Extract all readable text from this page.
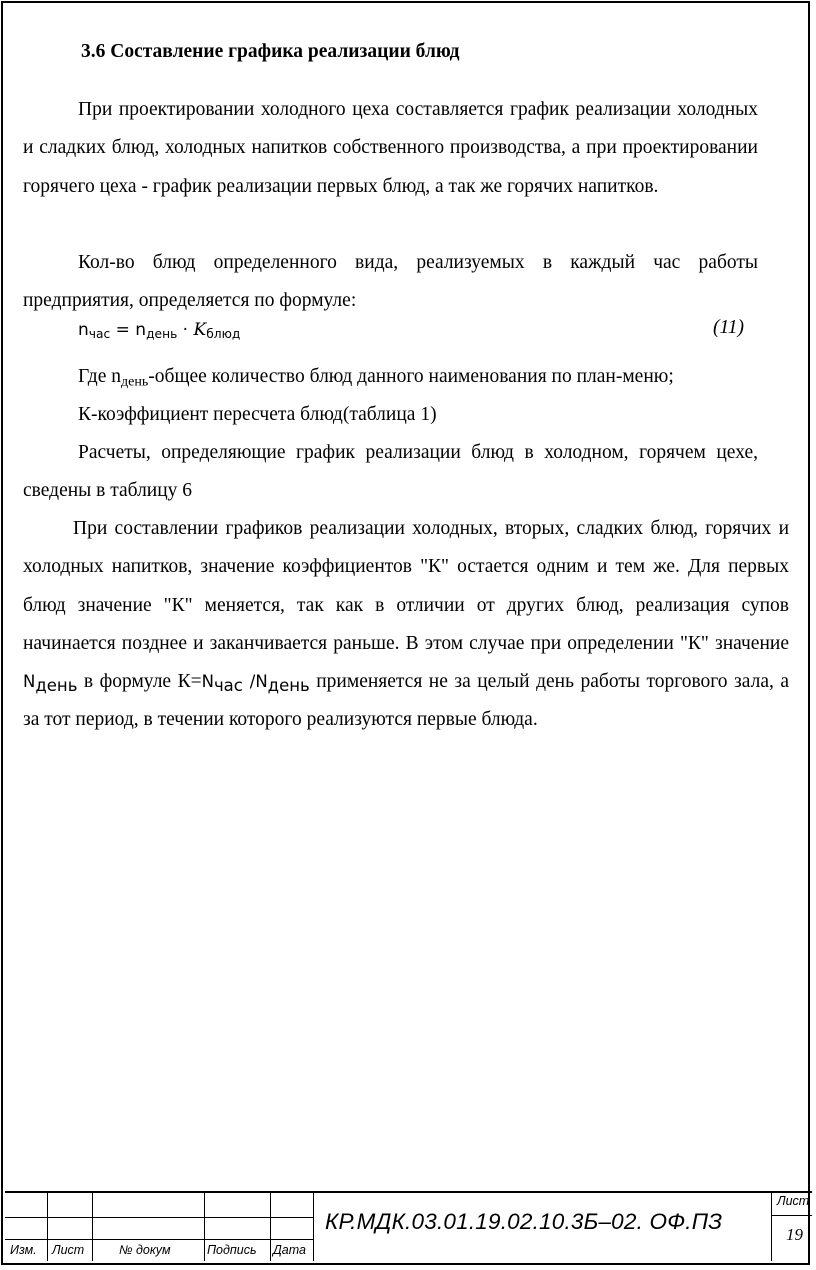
3.6 Составление графика реализации блюд

При проектировании холодного цеха составляется график реализации холодных и сладких блюд, холодных напитков собственного производства, а при проектировании горячего цеха - график реализации первых блюд, а так же горячих напитков.

Кол-во блюд определенного вида, реализуемых в каждый час работы предприятия, определяется по формуле:

$n_{час} = n_{день} \cdot K_{блюд}$	(11)

Где $n_{день}$-общее количество блюд данного наименования по план-меню;

К-коэффициент пересчета блюд(таблица 1)

Расчеты, определяющие график реализации блюд в холодном, горячем цехе, сведены в таблицу 6

При составлении графиков реализации холодных, вторых, сладких блюд, горячих и холодных напитков, значение коэффициентов "К" остается одним и тем же. Для первых блюд значение "К" меняется, так как в отличии от других блюд, реализация супов начинается позднее и заканчивается раньше. В этом случае при определении "К" значение $N_{день}$ в формуле $К=N_{час}$ $/N_{день}$ применяется не за целый день работы торгового зала, а за тот период, в течении которого реализуются первые блюда.

Изм. Лист	№ докум	Подпись Дата
КР.МДК.03.01.19.02.10.3Б–02. ОФ.ПЗ
Лист
19
